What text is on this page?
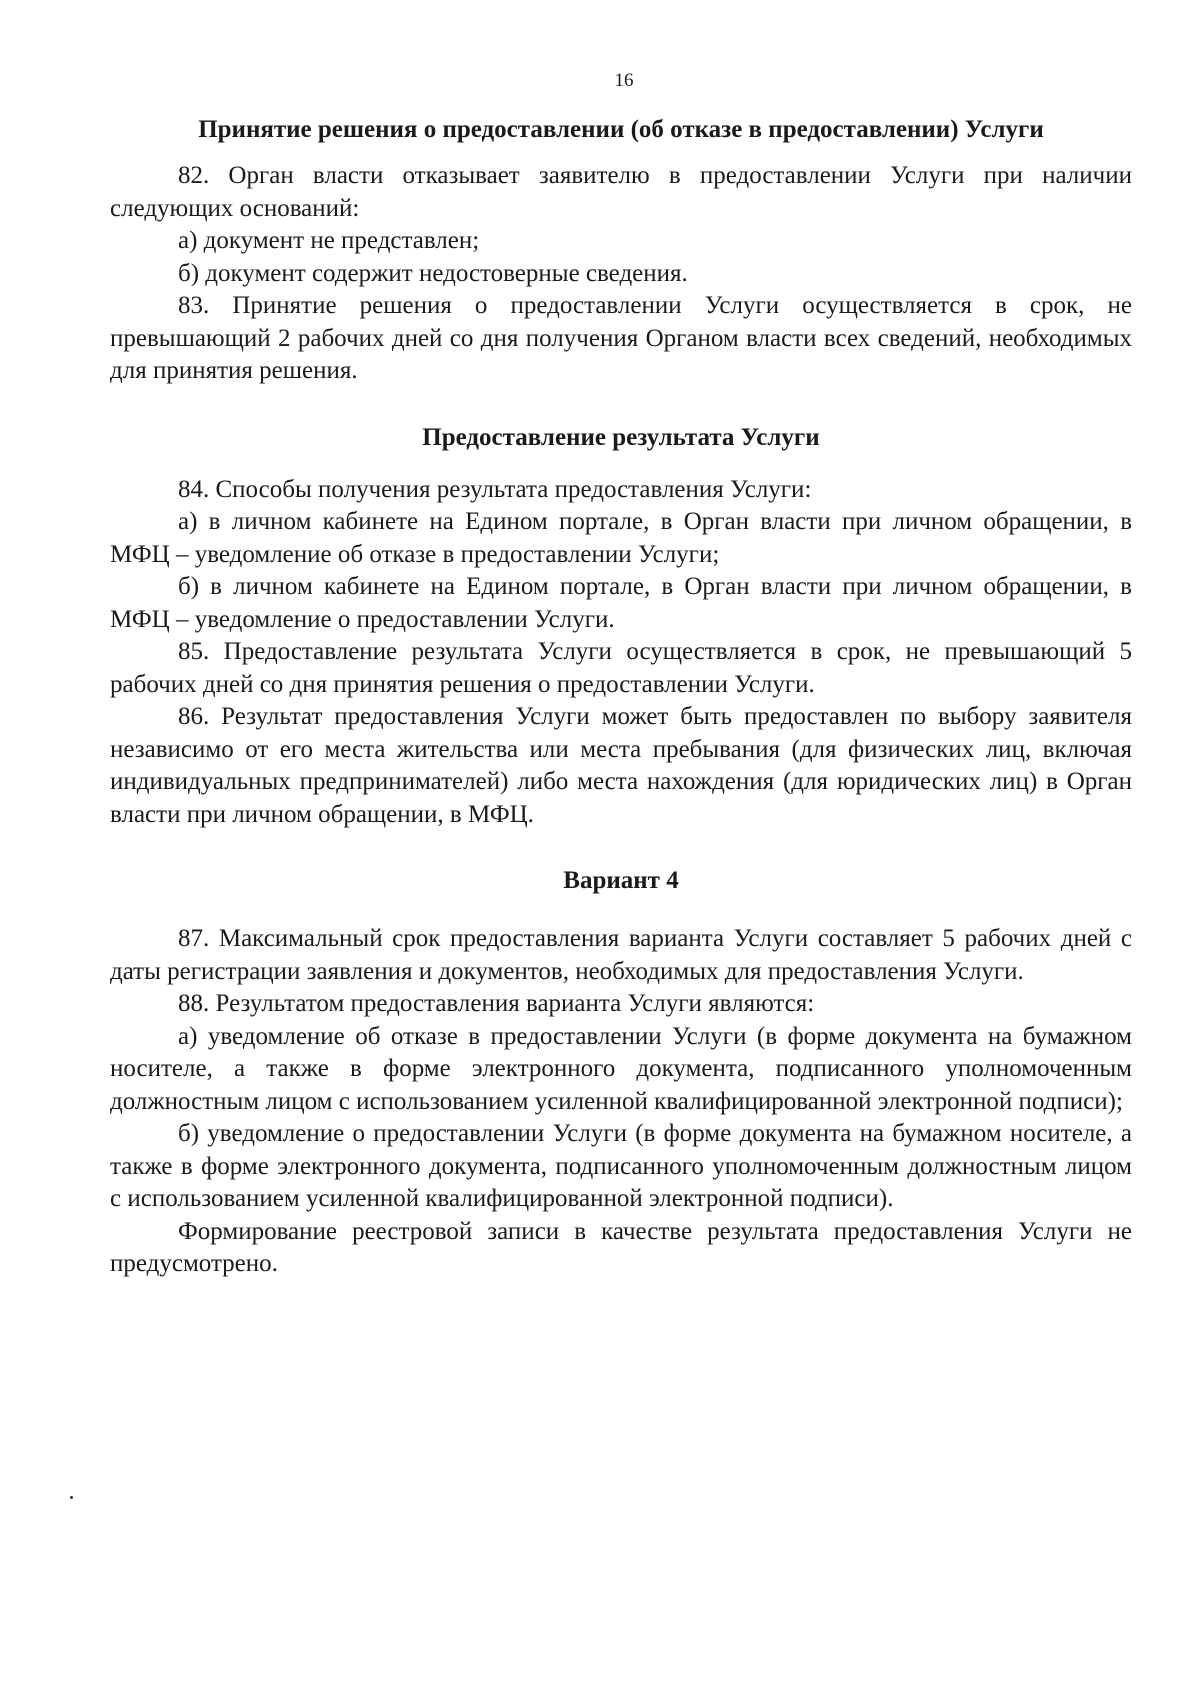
16
Принятие решения о предоставлении (об отказе в предоставлении) Услуги

82. Орган власти отказывает заявителю в предоставлении Услуги при наличии следующих оснований:

а) документ не представлен;

б) документ содержит недостоверные сведения.

83. Принятие решения о предоставлении Услуги осуществляется в срок, не превышающий 2 рабочих дней со дня получения Органом власти всех сведений, необходимых для принятия решения.

Предоставление результата Услуги

84. Способы получения результата предоставления Услуги:

а) в личном кабинете на Едином портале, в Орган власти при личном обращении, в МФЦ – уведомление об отказе в предоставлении Услуги;

б) в личном кабинете на Едином портале, в Орган власти при личном обращении, в МФЦ – уведомление о предоставлении Услуги.

85. Предоставление результата Услуги осуществляется в срок, не превышающий 5 рабочих дней со дня принятия решения о предоставлении Услуги.

86. Результат предоставления Услуги может быть предоставлен по выбору заявителя независимо от его места жительства или места пребывания (для физических лиц, включая индивидуальных предпринимателей) либо места нахождения (для юридических лиц) в Орган власти при личном обращении, в МФЦ.

Вариант 4

87. Максимальный срок предоставления варианта Услуги составляет 5 рабочих дней с даты регистрации заявления и документов, необходимых для предоставления Услуги.

88. Результатом предоставления варианта Услуги являются:

а) уведомление об отказе в предоставлении Услуги (в форме документа на бумажном носителе, а также в форме электронного документа, подписанного уполномоченным должностным лицом с использованием усиленной квалифицированной электронной подписи);

б) уведомление о предоставлении Услуги (в форме документа на бумажном носителе, а также в форме электронного документа, подписанного уполномоченным должностным лицом с использованием усиленной квалифицированной электронной подписи).

Формирование реестровой записи в качестве результата предоставления Услуги не предусмотрено.
